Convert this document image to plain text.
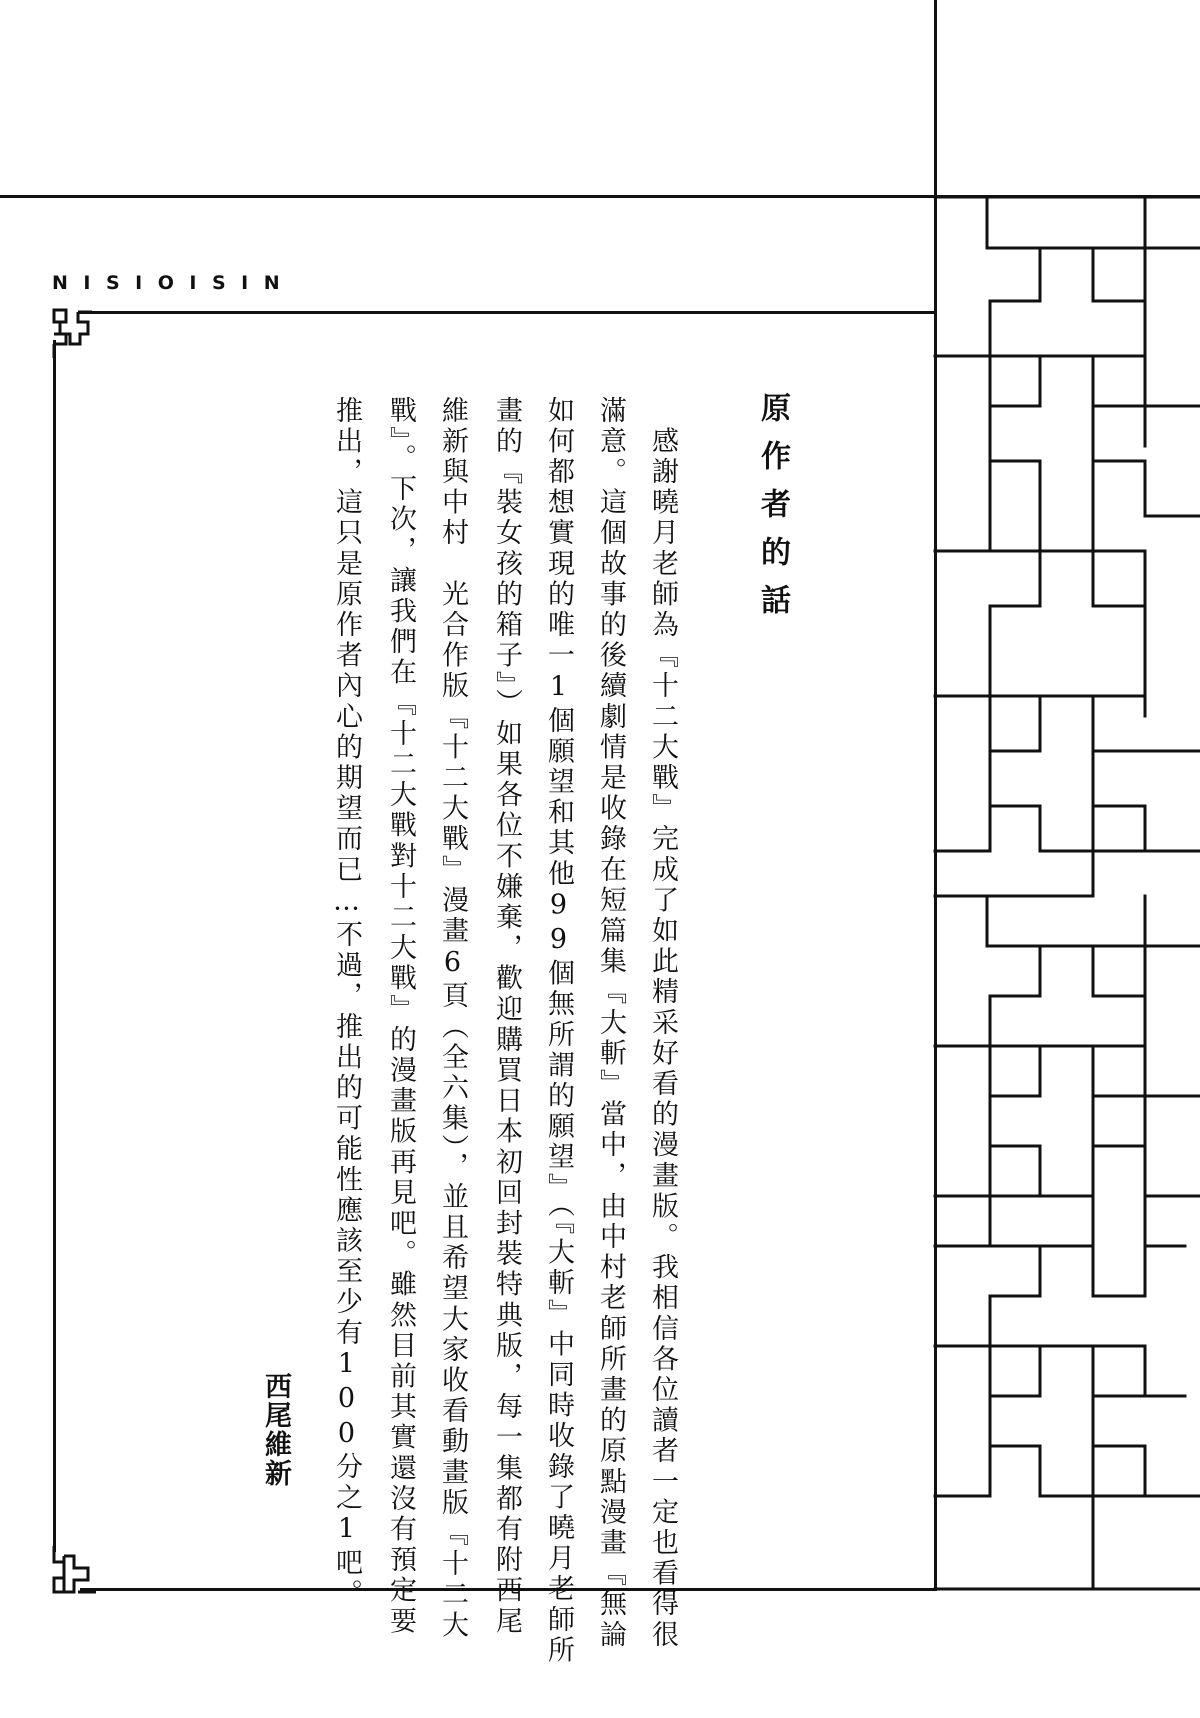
NISIOISIN
原作者的話
　感謝曉月老師為『十二大戰』完成了如此精采好看的漫畫版。我相信各位讀者一定也看得很
滿意。這個故事的後續劇情是收錄在短篇集『大斬』當中，由中村老師所畫的原點漫畫『無論
如何都想實現的唯一1個願望和其他99個無所謂的願望』（『大斬』中同時收錄了曉月老師所
畫的『裝女孩的箱子』）如果各位不嫌棄，歡迎購買日本初回封裝特典版，每一集都有附西尾
維新與中村　光合作版『十二大戰』漫畫6頁（全六集），並且希望大家收看動畫版『十二大
戰』。下次，讓我們在『十二大戰對十二大戰』的漫畫版再見吧。雖然目前其實還沒有預定要
推出，這只是原作者內心的期望而已…不過，推出的可能性應該至少有100分之1吧。
西尾維新
